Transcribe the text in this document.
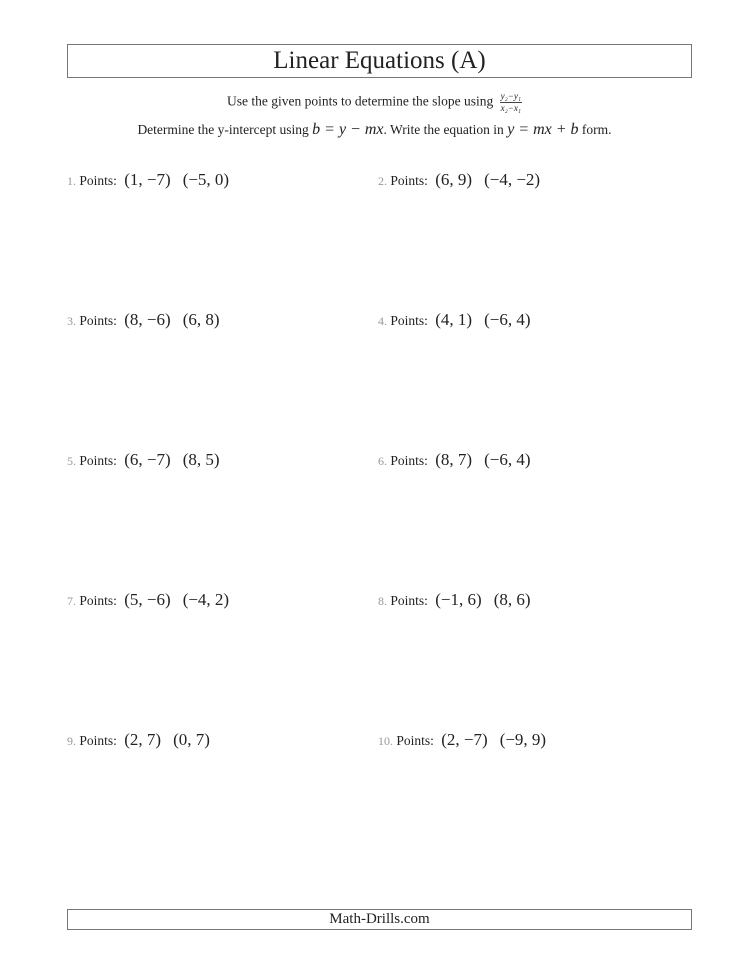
Linear Equations (A)
Use the given points to determine the slope using $\frac{\text{y₂−y₁}}{\text{x₂−x₁}}$
Determine the y-intercept using b = y − mx. Write the equation in y = mx + b form.
1. Points: (1, −7) (−5, 0)	2. Points: (6, 9) (−4, −2)
3. Points: (8, −6) (6, 8)	4. Points: (4, 1) (−6, 4)
5. Points: (6, −7) (8, 5)	6. Points: (8, 7) (−6, 4)
7. Points: (5, −6) (−4, 2)	8. Points: (−1, 6) (8, 6)
9. Points: (2, 7) (0, 7)	10. Points: (2, −7) (−9, 9)
Math-Drills.com
